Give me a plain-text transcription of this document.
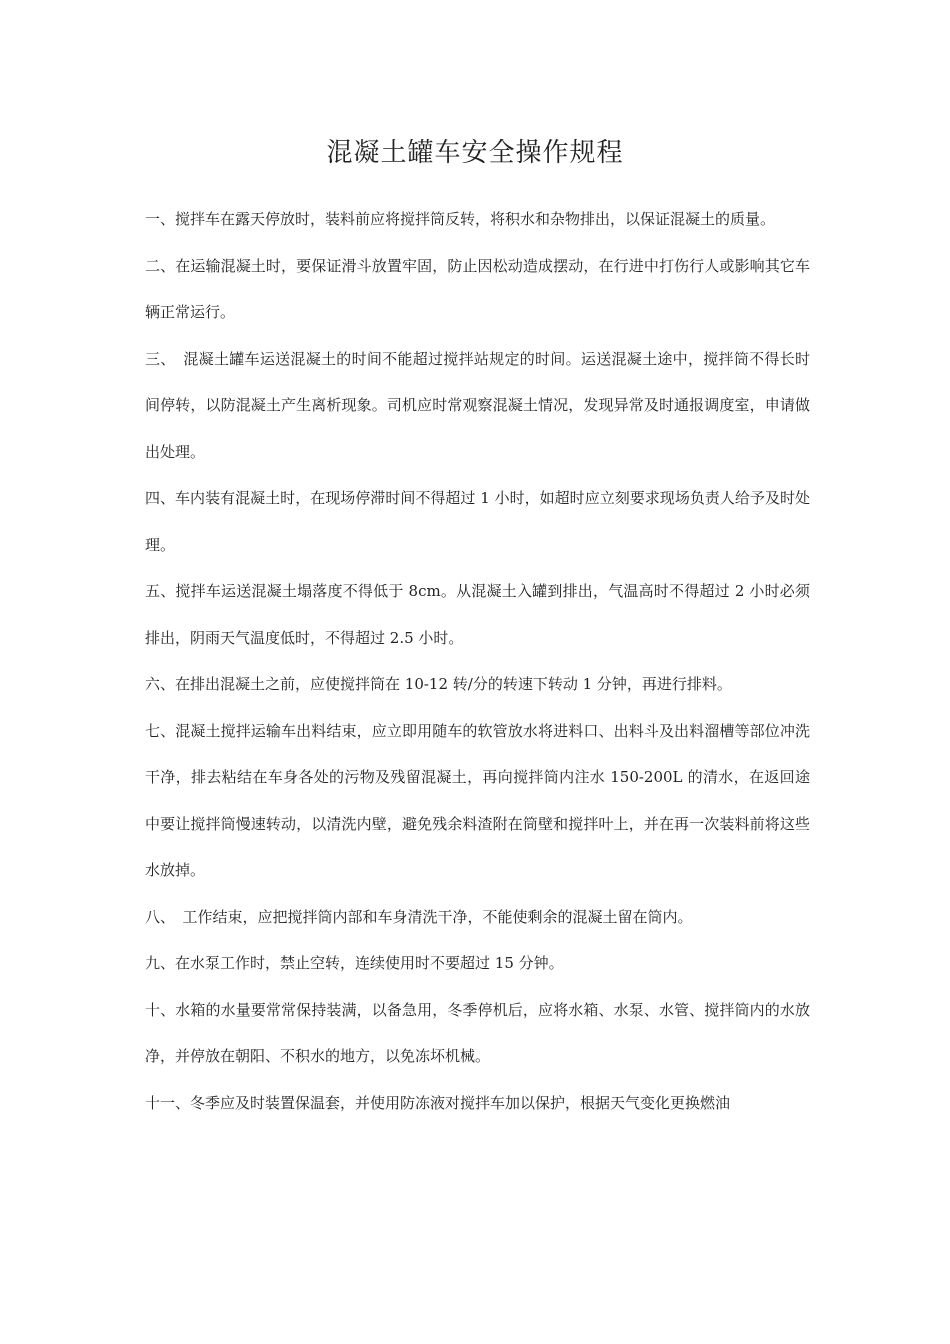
混凝土罐车安全操作规程

一、搅拌车在露天停放时，装料前应将搅拌筒反转，将积水和杂物排出，以保证混凝土的质量。

二、在运输混凝土时，要保证滑斗放置牢固，防止因松动造成摆动，在行进中打伤行人或影响其它车辆正常运行。

三、　混凝土罐车运送混凝土的时间不能超过搅拌站规定的时间。运送混凝土途中，搅拌筒不得长时间停转，以防混凝土产生离析现象。司机应时常观察混凝土情况，发现异常及时通报调度室，申请做出处理。

四、车内装有混凝土时，在现场停滞时间不得超过 1 小时，如超时应立刻要求现场负责人给予及时处理。

五、搅拌车运送混凝土塌落度不得低于 8cm。从混凝土入罐到排出，气温高时不得超过 2 小时必须排出，阴雨天气温度低时，不得超过 2.5 小时。

六、在排出混凝土之前，应使搅拌筒在 10-12 转/分的转速下转动 1 分钟，再进行排料。

七、混凝土搅拌运输车出料结束，应立即用随车的软管放水将进料口、出料斗及出料溜槽等部位冲洗干净，排去粘结在车身各处的污物及残留混凝土，再向搅拌筒内注水 150-200L 的清水，在返回途中要让搅拌筒慢速转动，以清洗内壁，避免残余料渣附在筒壁和搅拌叶上，并在再一次装料前将这些水放掉。

八、　工作结束，应把搅拌筒内部和车身清洗干净，不能使剩余的混凝土留在筒内。

九、在水泵工作时，禁止空转，连续使用时不要超过 15 分钟。

十、水箱的水量要常常保持装满，以备急用，冬季停机后，应将水箱、水泵、水管、搅拌筒内的水放净，并停放在朝阳、不积水的地方，以免冻坏机械。

十一、冬季应及时装置保温套，并使用防冻液对搅拌车加以保护，根据天气变化更换燃油
